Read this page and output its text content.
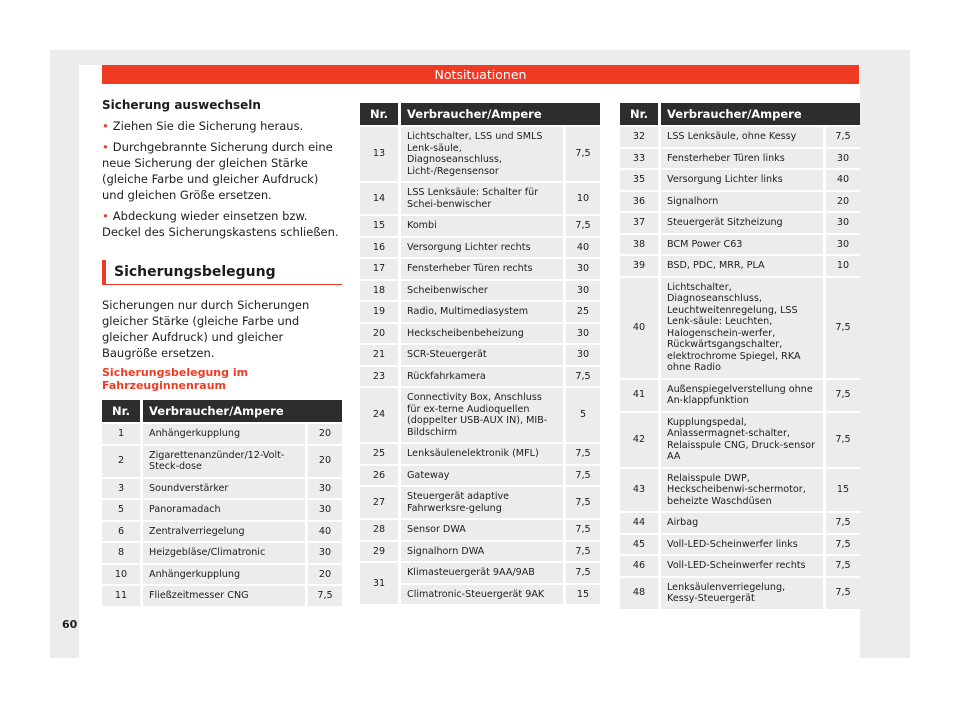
Notsituationen
Sicherung auswechseln
• Ziehen Sie die Sicherung heraus.
• Durchgebrannte Sicherung durch eine neue Sicherung der gleichen Stärke (gleiche Farbe und gleicher Aufdruck) und gleichen Größe ersetzen.
• Abdeckung wieder einsetzen bzw. Deckel des Sicherungskastens schließen.
Sicherungsbelegung
Sicherungen nur durch Sicherungen gleicher Stärke (gleiche Farbe und gleicher Aufdruck) und gleicher Baugröße ersetzen.
Sicherungsbelegung im Fahrzeuginnenraum
Nr.	Verbraucher/Ampere	
1	Anhängerkupplung	20
2	Zigarettenanzünder/12-Volt-Steck-dose	20
3	Soundverstärker	30
5	Panoramadach	30
6	Zentralverriegelung	40
8	Heizgebläse/Climatronic	30
10	Anhängerkupplung	20
11	Fließzeitmesser CNG	7,5
Nr.	Verbraucher/Ampere	
13	Lichtschalter, LSS und SMLS Lenk-säule, Diagnoseanschluss, Licht-/Regensensor	7,5
14	LSS Lenksäule: Schalter für Schei-benwischer	10
15	Kombi	7,5
16	Versorgung Lichter rechts	40
17	Fensterheber Türen rechts	30
18	Scheibenwischer	30
19	Radio, Multimediasystem	25
20	Heckscheibenbeheizung	30
21	SCR-Steuergerät	30
23	Rückfahrkamera	7,5
24	Connectivity Box, Anschluss für ex-terne Audioquellen (doppelter USB-AUX IN), MIB-Bildschirm	5
25	Lenksäulenelektronik (MFL)	7,5
26	Gateway	7,5
27	Steuergerät adaptive Fahrwerksre-gelung	7,5
28	Sensor DWA	7,5
29	Signalhorn DWA	7,5
31	Klimasteuergerät 9AA/9AB	7,5
	Climatronic-Steuergerät 9AK	15
Nr.	Verbraucher/Ampere	
32	LSS Lenksäule, ohne Kessy	7,5
33	Fensterheber Türen links	30
35	Versorgung Lichter links	40
36	Signalhorn	20
37	Steuergerät Sitzheizung	30
38	BCM Power C63	30
39	BSD, PDC, MRR, PLA	10
40	Lichtschalter, Diagnoseanschluss, Leuchtweitenregelung, LSS Lenk-säule: Leuchten, Halogenschein-werfer, Rückwärtsgangschalter, elektrochrome Spiegel, RKA ohne Radio	7,5
41	Außenspiegelverstellung ohne An-klappfunktion	7,5
42	Kupplungspedal, Anlassermagnet-schalter, Relaisspule CNG, Druck-sensor AA	7,5
43	Relaisspule DWP, Heckscheibenwi-schermotor, beheizte Waschdüsen	15
44	Airbag	7,5
45	Voll-LED-Scheinwerfer links	7,5
46	Voll-LED-Scheinwerfer rechts	7,5
48	Lenksäulenverriegelung, Kessy-Steuergerät	7,5
60
